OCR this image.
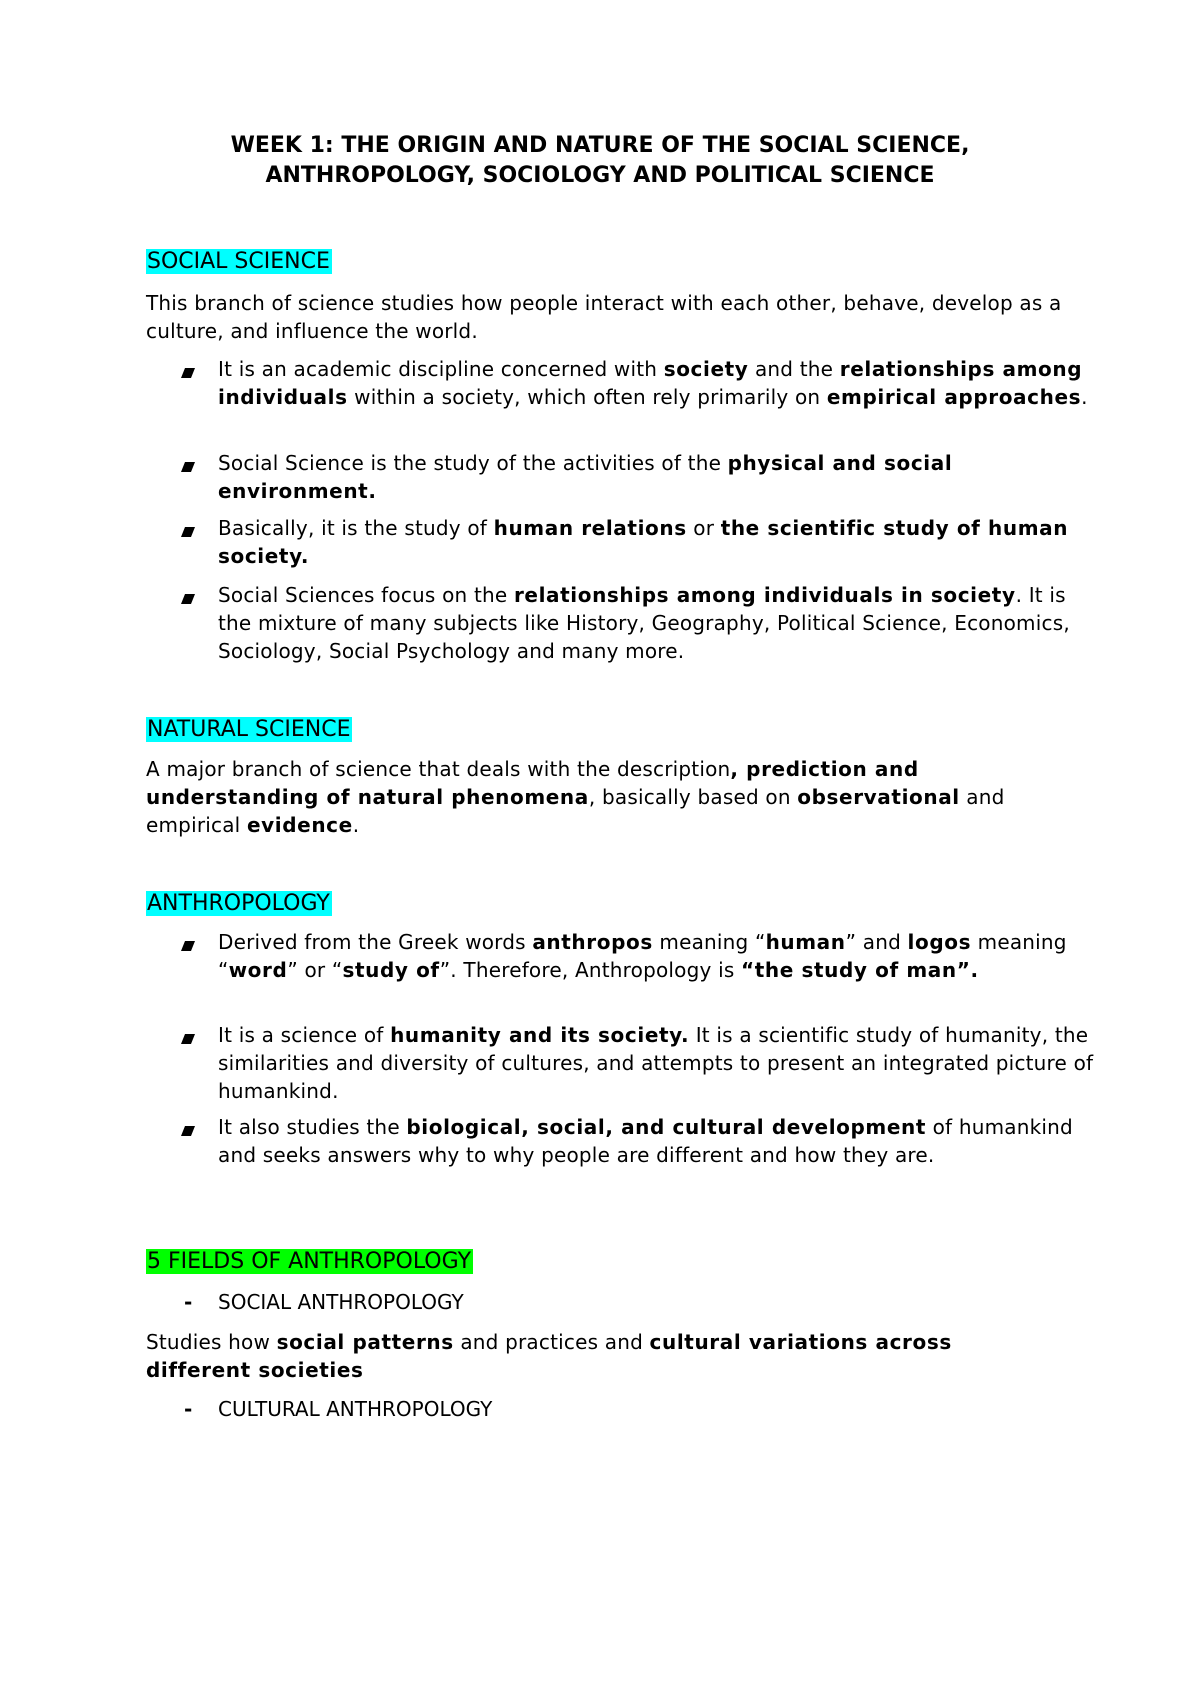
WEEK 1: THE ORIGIN AND NATURE OF THE SOCIAL SCIENCE,
ANTHROPOLOGY, SOCIOLOGY AND POLITICAL SCIENCE
SOCIAL SCIENCE

This branch of science studies how people interact with each other, behave, develop as a culture, and influence the world.

It is an academic discipline concerned with society and the relationships among individuals within a society, which often rely primarily on empirical approaches.

Social Science is the study of the activities of the physical and social environment.

Basically, it is the study of human relations or the scientific study of human society.

Social Sciences focus on the relationships among individuals in society. It is the mixture of many subjects like History, Geography, Political Science, Economics, Sociology, Social Psychology and many more.

NATURAL SCIENCE

A major branch of science that deals with the description, prediction and understanding of natural phenomena, basically based on observational and empirical evidence.

ANTHROPOLOGY

Derived from the Greek words anthropos meaning “human” and logos meaning “word” or “study of”. Therefore, Anthropology is “the study of man”.

It is a science of humanity and its society. It is a scientific study of humanity, the similarities and diversity of cultures, and attempts to present an integrated picture of humankind.

It also studies the biological, social, and cultural development of humankind and seeks answers why to why people are different and how they are.

5 FIELDS OF ANTHROPOLOGY
- SOCIAL ANTHROPOLOGY

Studies how social patterns and practices and cultural variations across different societies

- CULTURAL ANTHROPOLOGY
